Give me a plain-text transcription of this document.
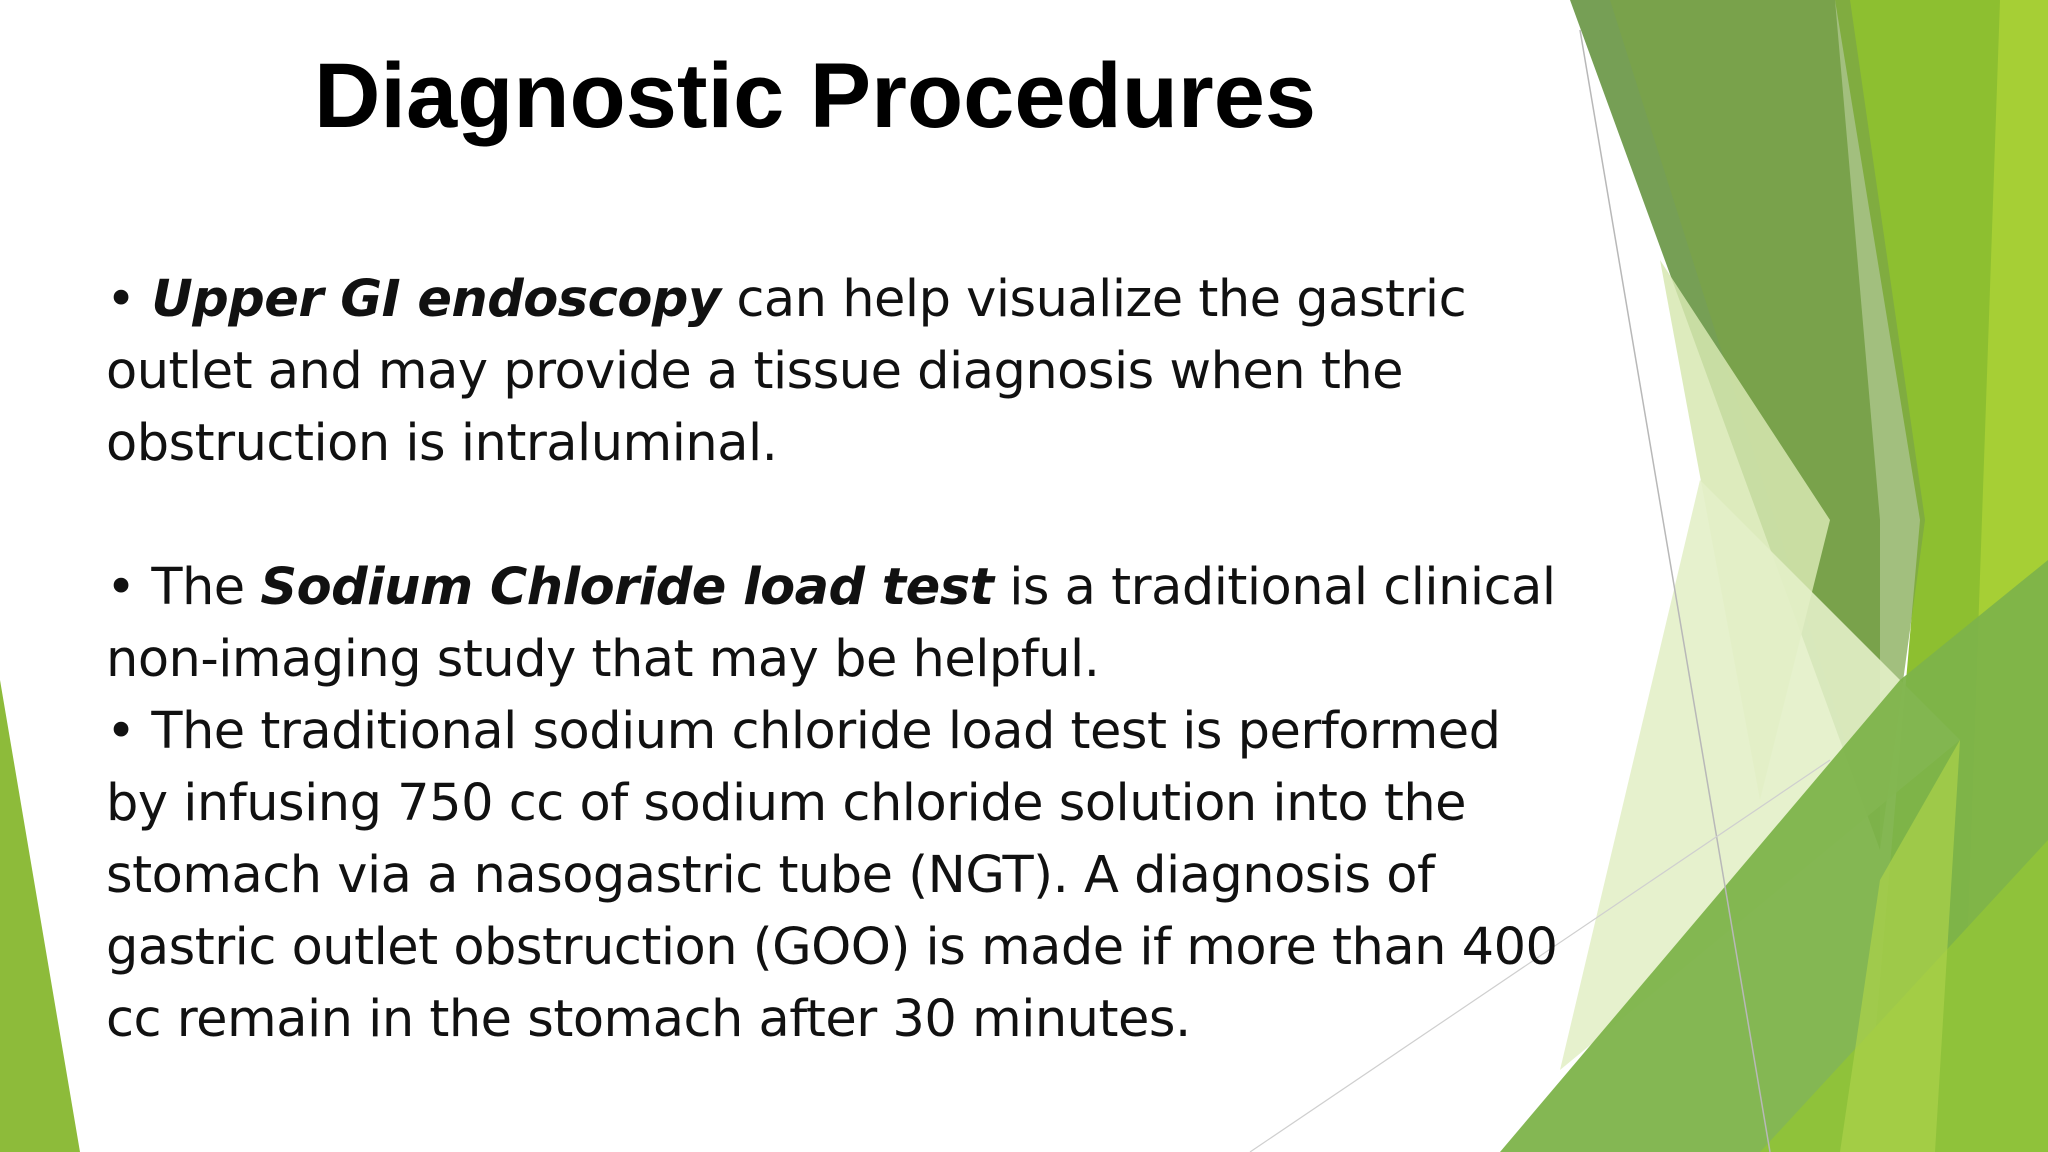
Diagnostic Procedures

• Upper GI endoscopy can help visualize the gastric outlet and may provide a tissue diagnosis when the obstruction is intraluminal.

• The Sodium Chloride load test is a traditional clinical non-imaging study that may be helpful.

• The traditional sodium chloride load test is performed by infusing 750 cc of sodium chloride solution into the stomach via a nasogastric tube (NGT). A diagnosis of gastric outlet obstruction (GOO) is made if more than 400 cc remain in the stomach after 30 minutes.
